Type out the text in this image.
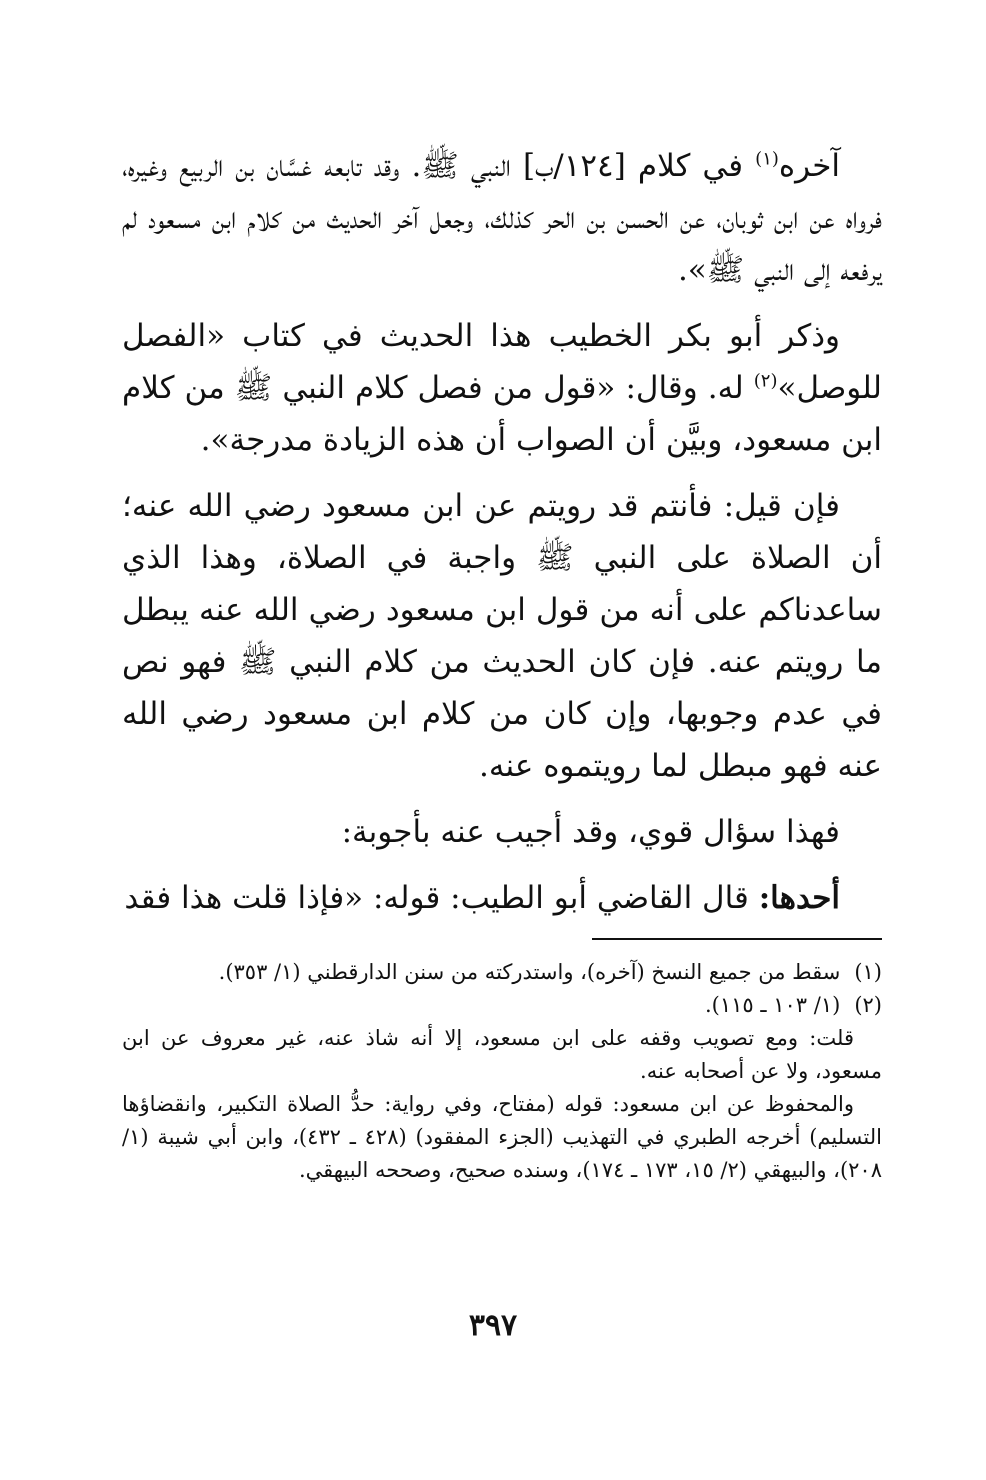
آخره$^{(١)}$ في كلام [١٢٤/ب] النبي ﷺ. وقد تابعه غسَّان بن الربيع وغيره، فرواه عن ابن ثوبان، عن الحسن بن الحر كذلك، وجعل آخر الحديث من كلام ابن مسعود لم يرفعه إلى النبي ﷺ».

وذكر أبو بكر الخطيب هذا الحديث في كتاب «الفصل للوصل»$^{(٢)}$ له. وقال: «قول من فصل كلام النبي ﷺ من كلام ابن مسعود، وبيَّن أن الصواب أن هذه الزيادة مدرجة».

فإن قيل: فأنتم قد رويتم عن ابن مسعود رضي الله عنه؛ أن الصلاة على النبي ﷺ واجبة في الصلاة، وهذا الذي ساعدناكم على أنه من قول ابن مسعود رضي الله عنه يبطل ما رويتم عنه. فإن كان الحديث من كلام النبي ﷺ فهو نص في عدم وجوبها، وإن كان من كلام ابن مسعود رضي الله عنه فهو مبطل لما رويتموه عنه.

فهذا سؤال قوي، وقد أجيب عنه بأجوبة:

أحدها: قال القاضي أبو الطيب: قوله: «فإذا قلت هذا فقد

(١)
سقط من جميع النسخ (آخره)، واستدركته من سنن الدارقطني (١/ ٣٥٣).
(٢)
(١/ ١٠٣ ـ ١١٥).

قلت: ومع تصويب وقفه على ابن مسعود، إلا أنه شاذ عنه، غير معروف عن ابن مسعود، ولا عن أصحابه عنه.

والمحفوظ عن ابن مسعود: قوله (مفتاح، وفي رواية: حدُّ الصلاة التكبير، وانقضاؤها التسليم) أخرجه الطبري في التهذيب (الجزء المفقود) (٤٢٨ ـ ٤٣٢)، وابن أبي شيبة (١/ ٢٠٨)، والبيهقي (٢/ ١٥، ١٧٣ ـ ١٧٤)، وسنده صحيح، وصححه البيهقي.

٣٩٧
